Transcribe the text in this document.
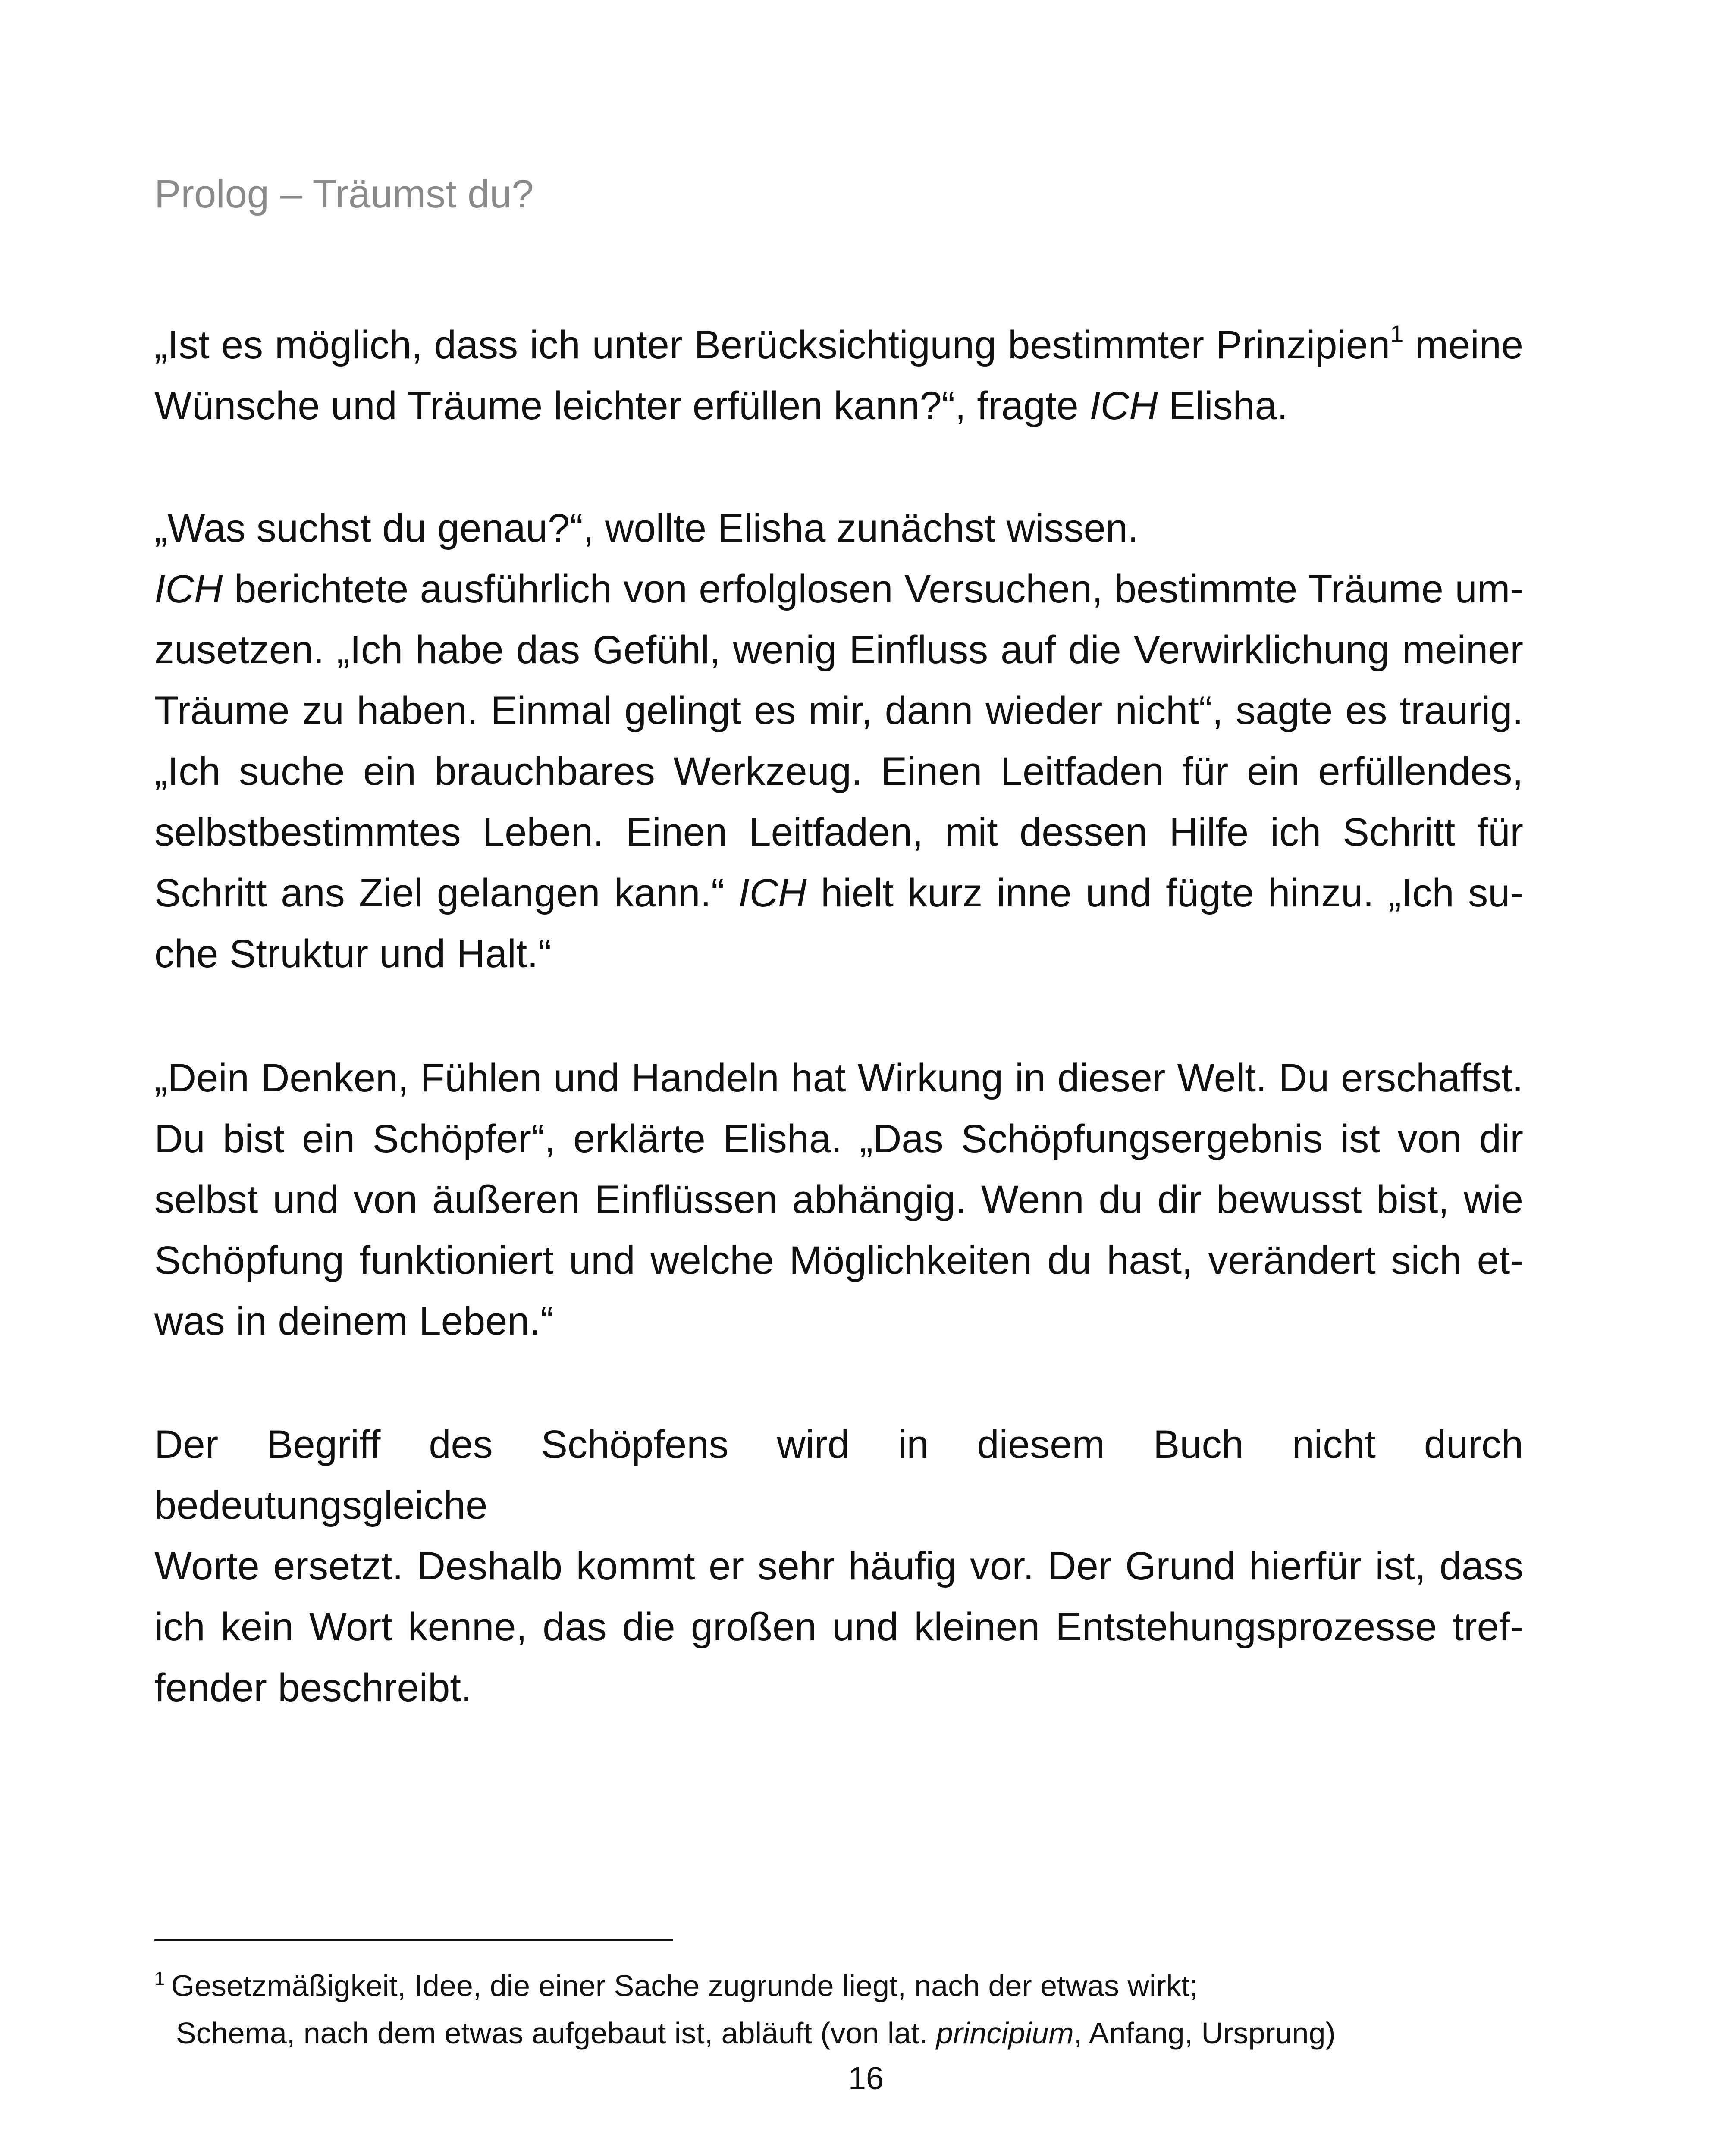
Prolog – Träumst du?
„Ist es möglich, dass ich unter Berücksichtigung bestimmter Prinzipien$^1$ meine
Wünsche und Träume leichter erfüllen kann?“, fragte ICH Elisha.
„Was suchst du genau?“, wollte Elisha zunächst wissen.
ICH berichtete ausführlich von erfolglosen Versuchen, bestimmte Träume um-
zusetzen. „Ich habe das Gefühl, wenig Einfluss auf die Verwirklichung meiner
Träume zu haben. Einmal gelingt es mir, dann wieder nicht“, sagte es traurig.
„Ich suche ein brauchbares Werkzeug. Einen Leitfaden für ein erfüllendes,
selbstbestimmtes Leben. Einen Leitfaden, mit dessen Hilfe ich Schritt für
Schritt ans Ziel gelangen kann.“ ICH hielt kurz inne und fügte hinzu. „Ich su-
che Struktur und Halt.“
„Dein Denken, Fühlen und Handeln hat Wirkung in dieser Welt. Du erschaffst.
Du bist ein Schöpfer“, erklärte Elisha. „Das Schöpfungsergebnis ist von dir
selbst und von äußeren Einflüssen abhängig. Wenn du dir bewusst bist, wie
Schöpfung funktioniert und welche Möglichkeiten du hast, verändert sich et-
was in deinem Leben.“
Der Begriff des Schöpfens wird in diesem Buch nicht durch bedeutungsgleiche
Worte ersetzt. Deshalb kommt er sehr häufig vor. Der Grund hierfür ist, dass
ich kein Wort kenne, das die großen und kleinen Entstehungsprozesse tref-
fender beschreibt.
$^1$ Gesetzmäßigkeit, Idee, die einer Sache zugrunde liegt, nach der etwas wirkt;
Schema, nach dem etwas aufgebaut ist, abläuft (von lat. principium, Anfang, Ursprung)
16
